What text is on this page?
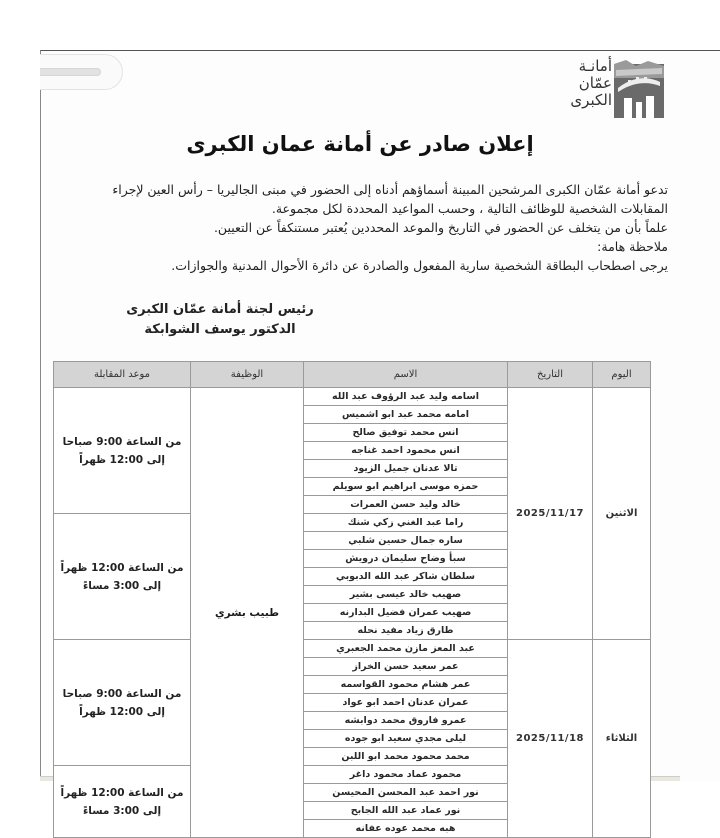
أمانـة
عمّان
الكبرى
إعلان صادر عن أمانة عمان الكبرى
تدعو أمانة عمّان الكبرى المرشحين المبينة أسماؤهم أدناه إلى الحضور في مبنى الجاليريا – رأس العين لإجراء
المقابلات الشخصية للوظائف التالية ، وحسب المواعيد المحددة لكل مجموعة.
علماً بأن من يتخلف عن الحضور في التاريخ والموعد المحددين يُعتبر مستنكفاً عن التعيين.
ملاحظة هامة:
يرجى اصطحاب البطاقة الشخصية سارية المفعول والصادرة عن دائرة الأحوال المدنية والجوازات.
رئيس لجنة أمانة عمّان الكبرى
الدكتور يوسف الشوابكة
اليوم	التاريخ	الاسم	الوظيفة	موعد المقابلة
الاثنين	2025/11/17	اسامه وليد عبد الرؤوف عبد الله	طبيب بشري	من الساعة 9:00 صباحا
إلى 12:00 ظهراً

		امامه محمد عبد ابو اشميس		
		انس محمد توفيق صالح		
		انس محمود احمد غناجه		
		تالا عدنان جميل الزيود		
		حمزه موسى ابراهيم ابو سويلم		
		خالد وليد حسن العمرات		
		راما عبد الغني زكي شنك		من الساعة 12:00 ظهراً
إلى 3:00 مساءً

		ساره جمال حسين شلبي		
		سبأ وضاح سليمان درويش		
		سلطان شاكر عبد الله الدبوبي		
		صهيب خالد عيسى بشير		
		صهيب عمران فضيل البدارنه		
		طارق زياد مفيد نحله		
الثلاثاء	2025/11/18	عبد المعز مازن محمد الجعبري		من الساعة 9:00 صباحا
إلى 12:00 ظهراً

		عمر سعيد حسن الخراز		
		عمر هشام محمود القواسمه		
		عمران عدنان احمد ابو عواد		
		عمرو فاروق محمد دوابشه		
		ليلى مجدي سعيد ابو جوده		
		محمد محمود محمد ابو اللبن		
		محمود عماد محمود داغر		من الساعة 12:00 ظهراً
إلى 3:00 مساءً

		نور احمد عبد المحسن المحيسن		
		نور عماد عبد الله الجابح		
		هبه محمد عوده عفانه		
